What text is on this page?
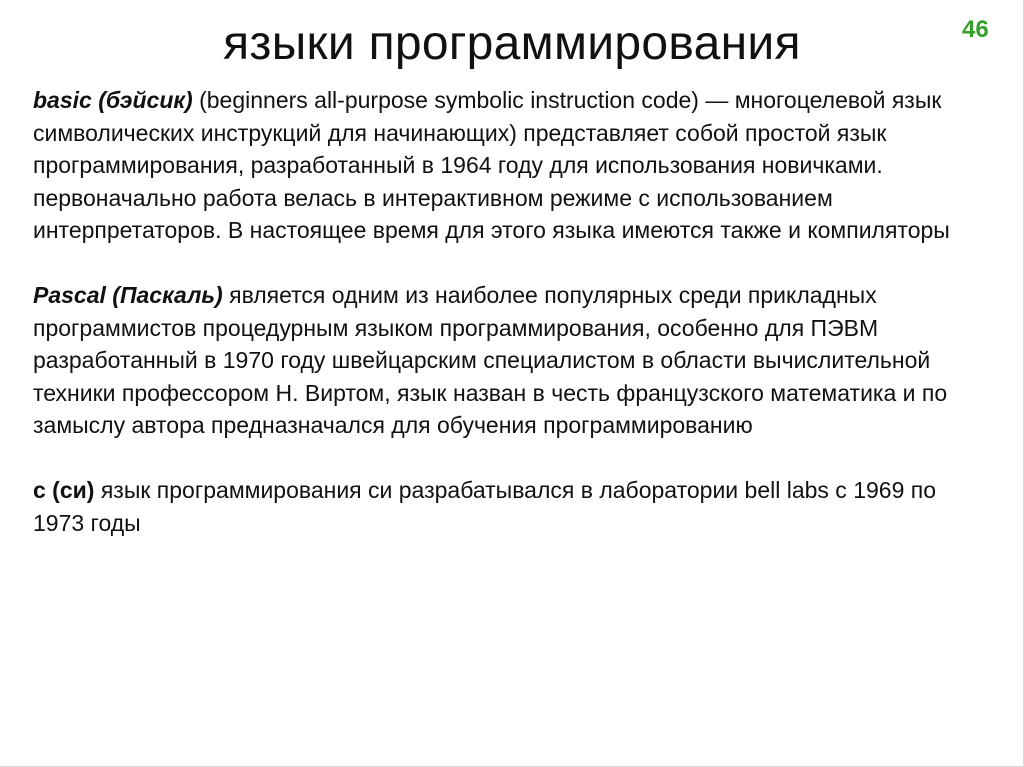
языки программирования	46

basic (бэйсик) (beginners all-purpose symbolic instruction code) — многоцелевой язык символических инструкций для начинающих) представляет собой простой язык программирования, разработанный в 1964 году для использования новичками. первоначально работа велась в интерактивном режиме с использованием интерпретаторов. В настоящее время для этого языка имеются также и компиляторы

Pascal (Паскаль) является одним из наиболее популярных среди прикладных программистов процедурным языком программирования, особенно для ПЭВМ разработанный в 1970 году швейцарским специалистом в области вычислительной техники профессором Н. Виртом, язык назван в честь французского математика и по замыслу автора предназначался для обучения программированию

c (си) язык программирования си разрабатывался в лаборатории bell labs с 1969 по 1973 годы
